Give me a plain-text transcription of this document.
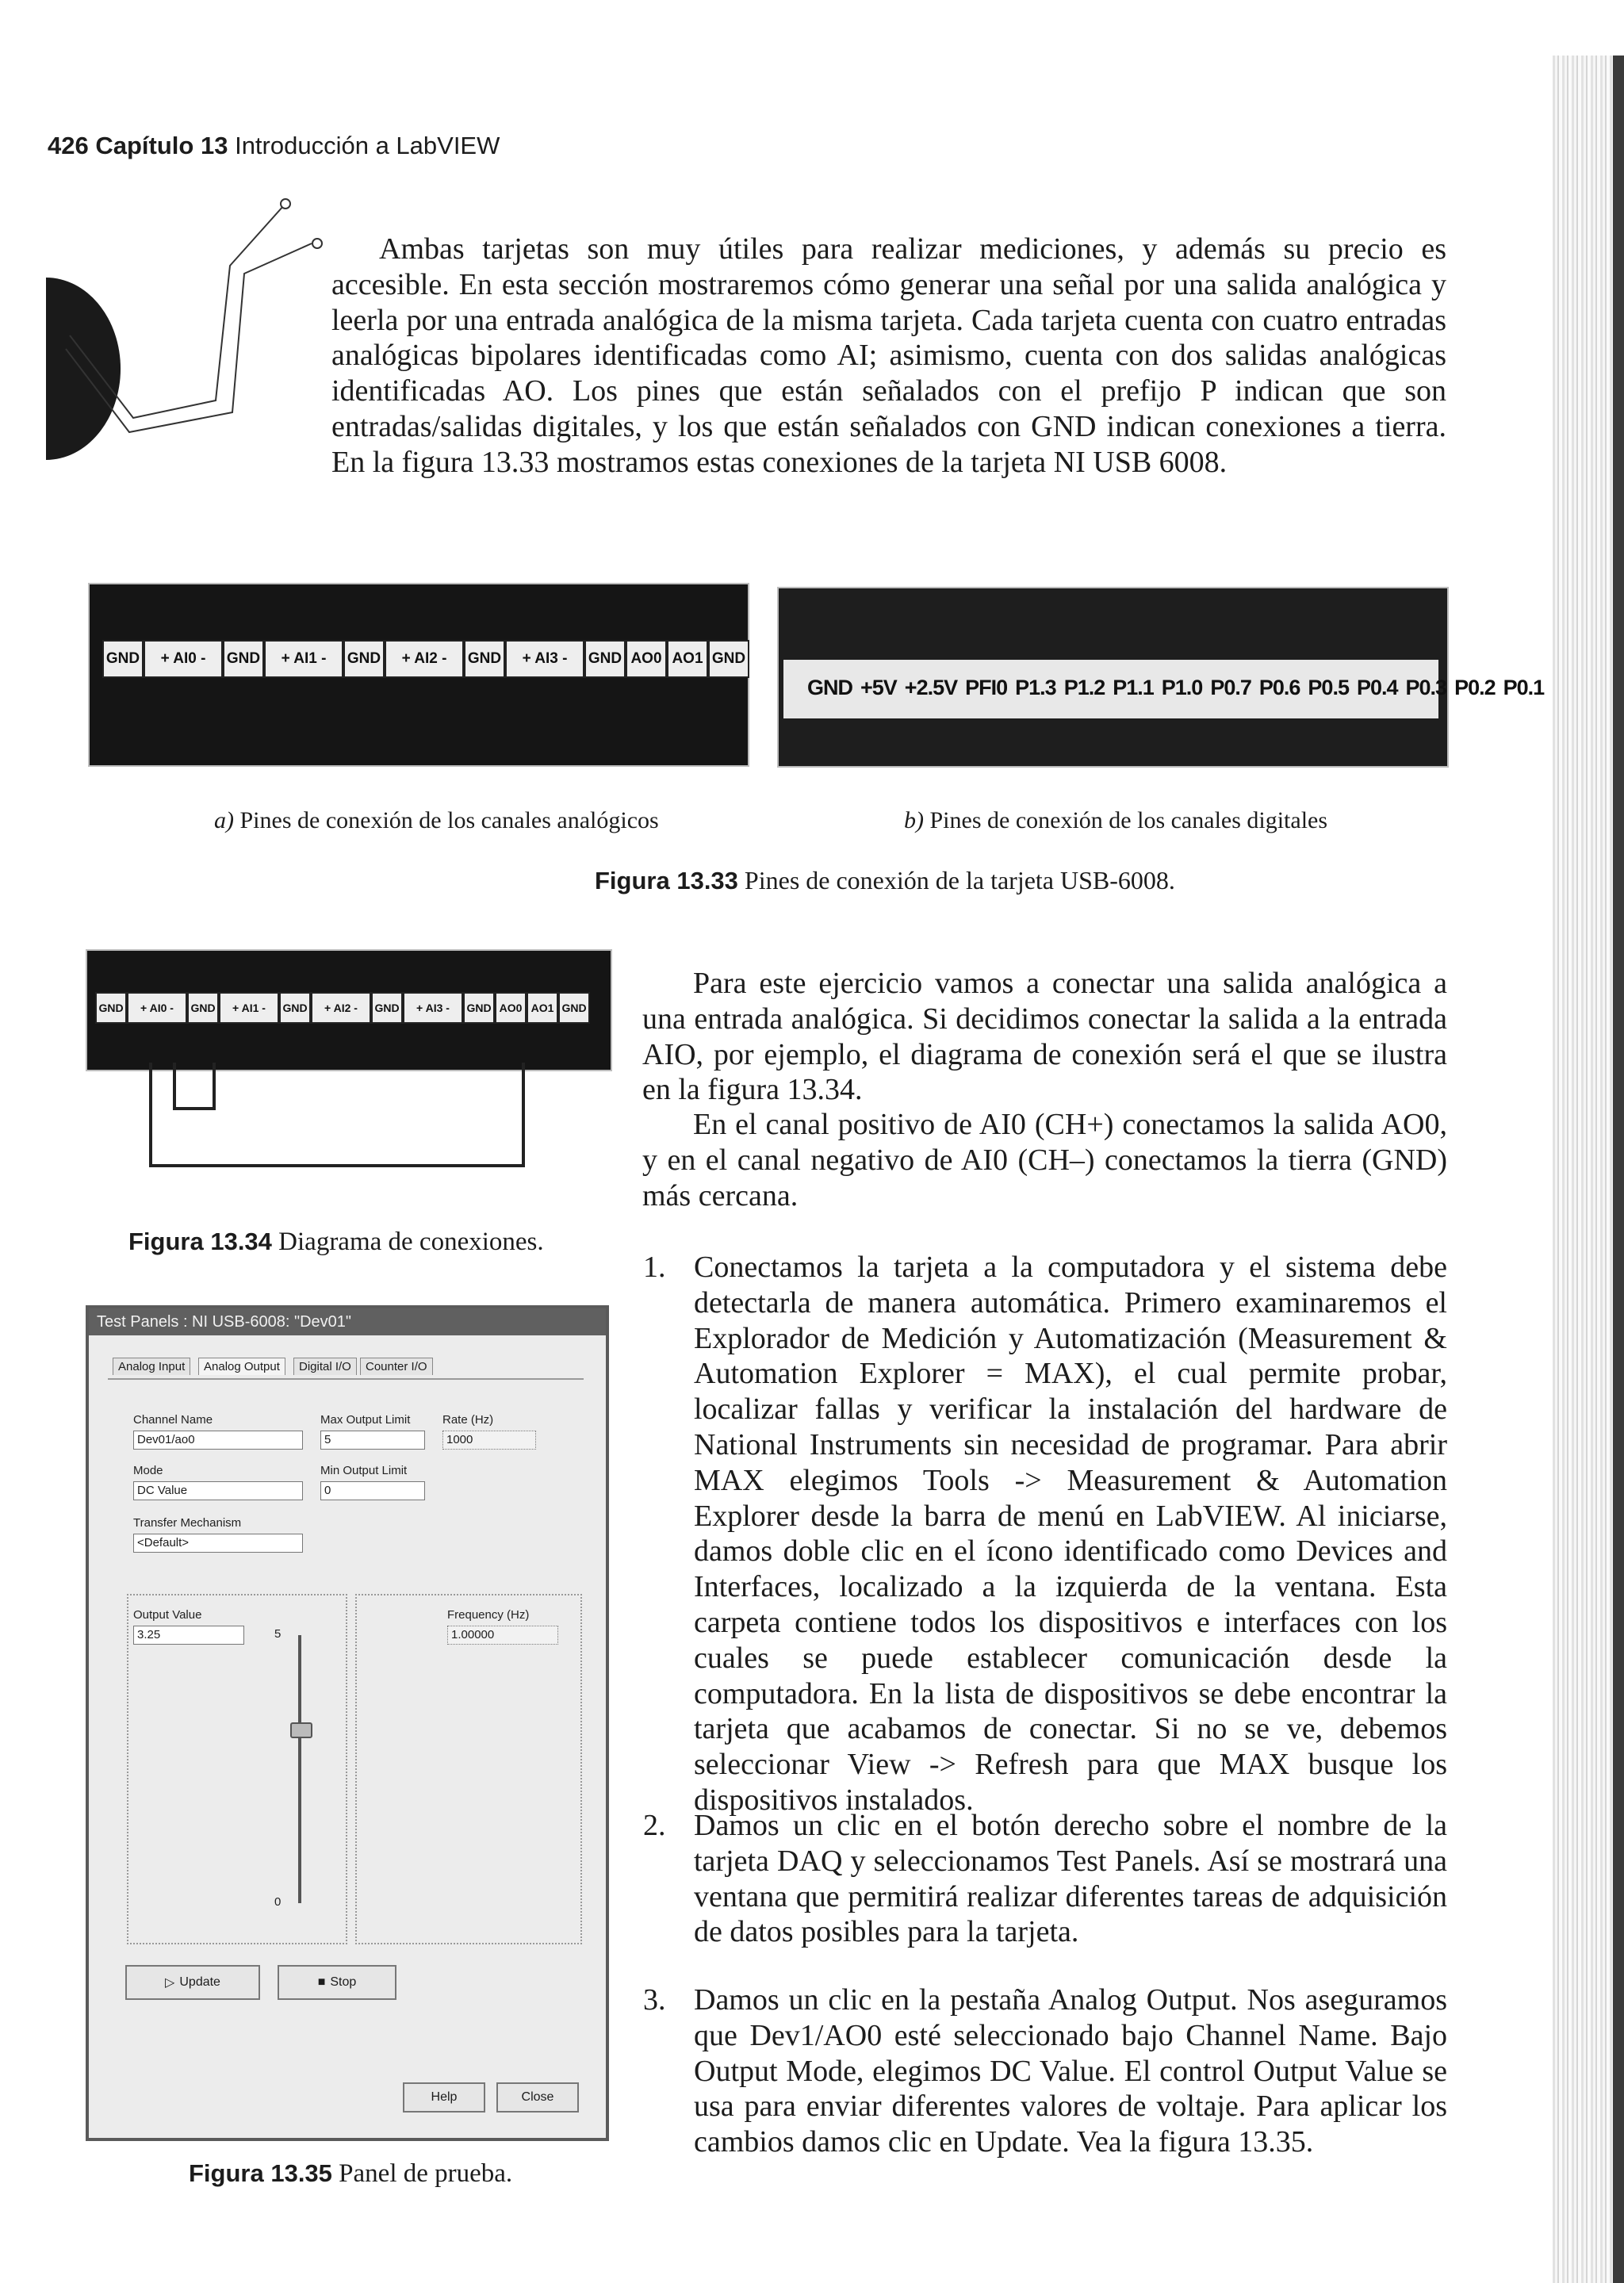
426 Capítulo 13 Introducción a LabVIEW
Ambas tarjetas son muy útiles para realizar mediciones, y además su precio es accesible. En esta sección mostraremos cómo generar una señal por una salida analógica y leerla por una entrada analógica de la misma tarjeta. Cada tarjeta cuenta con cuatro entradas analógicas bipolares identificadas como AI; asimismo, cuenta con dos salidas analógicas identificadas AO. Los pines que están señalados con el prefijo P indican que son entradas/salidas digitales, y los que están señalados con GND indican conexiones a tierra. En la figura 13.33 mostramos estas conexiones de la tarjeta NI USB 6008.
GND	+ AI0 -	GND	+ AI1 -	GND	+ AI2 -	GND	+ AI3 -	GND AO0 AO1 GND
GND +5V +2.5V PFI0 P1.3 P1.2 P1.1 P1.0 P0.7 P0.6 P0.5 P0.4 P0.3 P0.2 P0.1
a) Pines de conexión de los canales analógicos	b) Pines de conexión de los canales digitales
Figura 13.33 Pines de conexión de la tarjeta USB-6008.
GND	+ AI0 -	GND	+ AI1 -	GND	+ AI2 -	GND	+ AI3 -	GND AO0 AO1 GND
Figura 13.34 Diagrama de conexiones.
Para este ejercicio vamos a conectar una salida analógica a una entrada analógica. Si decidimos conectar la salida a la entrada AIO, por ejemplo, el diagrama de conexión será el que se ilustra en la figura 13.34.
En el canal positivo de AI0 (CH+) conectamos la salida AO0, y en el canal negativo de AI0 (CH–) conectamos la tierra (GND) más cercana.
1. Conectamos la tarjeta a la computadora y el sistema debe detectarla de manera automática. Primero examinaremos el Explorador de Medición y Automatización (Measurement & Automation Explorer = MAX), el cual permite probar, localizar fallas y verificar la instalación del hardware de National Instruments sin necesidad de programar. Para abrir MAX elegimos Tools -> Measurement & Automation Explorer desde la barra de menú en LabVIEW. Al iniciarse, damos doble clic en el ícono identificado como Devices and Interfaces, localizado a la izquierda de la ventana. Esta carpeta contiene todos los dispositivos e interfaces con los cuales se puede establecer comunicación desde la computadora. En la lista de dispositivos se debe encontrar la tarjeta que acabamos de conectar. Si no se ve, debemos seleccionar View -> Refresh para que MAX busque los dispositivos instalados.
2. Damos un clic en el botón derecho sobre el nombre de la tarjeta DAQ y seleccionamos Test Panels. Así se mostrará una ventana que permitirá realizar diferentes tareas de adquisición de datos posibles para la tarjeta.
3. Damos un clic en la pestaña Analog Output. Nos aseguramos que Dev1/AO0 esté seleccionado bajo Channel Name. Bajo Output Mode, elegimos DC Value. El control Output Value se usa para enviar diferentes valores de voltaje. Para aplicar los cambios damos clic en Update. Vea la figura 13.35.
Test Panels : NI USB-6008: "Dev01"
Analog Input	Analog Output	Digital I/O	Counter I/O
Channel Name
Dev01/ao0
Max Output Limit
5
Rate (Hz)
1000
Mode
DC Value
Min Output Limit
0
Transfer Mechanism
<Default>
Output Value
3.25	5
0
Frequency (Hz)
1.00000
▷ Update	■ Stop
Help	Close
Figura 13.35 Panel de prueba.
